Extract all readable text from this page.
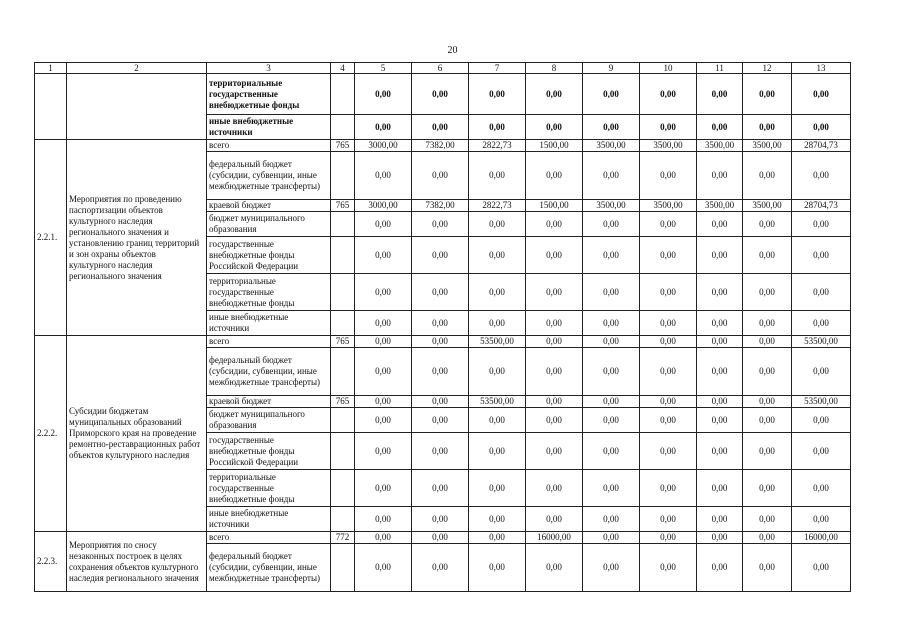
20
1	2	3	4	5	6	7	8	9	10	11	12	13
		территориальные государственные внебюджетные фонды		0,00	0,00	0,00	0,00	0,00	0,00	0,00	0,00	0,00
		иные внебюджетные источники		0,00	0,00	0,00	0,00	0,00	0,00	0,00	0,00	0,00
2.2.1.	Мероприятия по проведению паспортизации объектов культурного наследия регионального значения и установлению границ территорий и зон охраны объектов культурного наследия регионального значения	всего	765	3000,00	7382,00	2822,73	1500,00	3500,00	3500,00	3500,00	3500,00	28704,73
		федеральный бюджет (субсидии, субвенции, иные межбюджетные трансферты)		0,00	0,00	0,00	0,00	0,00	0,00	0,00	0,00	0,00
		краевой бюджет	765	3000,00	7382,00	2822,73	1500,00	3500,00	3500,00	3500,00	3500,00	28704,73
		бюджет муниципального образования		0,00	0,00	0,00	0,00	0,00	0,00	0,00	0,00	0,00
		государственные внебюджетные фонды Российской Федерации		0,00	0,00	0,00	0,00	0,00	0,00	0,00	0,00	0,00
		территориальные государственные внебюджетные фонды		0,00	0,00	0,00	0,00	0,00	0,00	0,00	0,00	0,00
		иные внебюджетные источники		0,00	0,00	0,00	0,00	0,00	0,00	0,00	0,00	0,00
2.2.2.	Субсидии бюджетам муниципальных образований Приморского края на проведение ремонтно-реставрационных работ объектов культурного наследия	всего	765	0,00	0,00	53500,00	0,00	0,00	0,00	0,00	0,00	53500,00
		федеральный бюджет (субсидии, субвенции, иные межбюджетные трансферты)		0,00	0,00	0,00	0,00	0,00	0,00	0,00	0,00	0,00
		краевой бюджет	765	0,00	0,00	53500,00	0,00	0,00	0,00	0,00	0,00	53500,00
		бюджет муниципального образования		0,00	0,00	0,00	0,00	0,00	0,00	0,00	0,00	0,00
		государственные внебюджетные фонды Российской Федерации		0,00	0,00	0,00	0,00	0,00	0,00	0,00	0,00	0,00
		территориальные государственные внебюджетные фонды		0,00	0,00	0,00	0,00	0,00	0,00	0,00	0,00	0,00
		иные внебюджетные источники		0,00	0,00	0,00	0,00	0,00	0,00	0,00	0,00	0,00
2.2.3.	Мероприятия по сносу незаконных построек в целях сохранения объектов культурного наследия регионального значения	всего	772	0,00	0,00	0,00	16000,00	0,00	0,00	0,00	0,00	16000,00
		федеральный бюджет (субсидии, субвенции, иные межбюджетные трансферты)		0,00	0,00	0,00	0,00	0,00	0,00	0,00	0,00	0,00
